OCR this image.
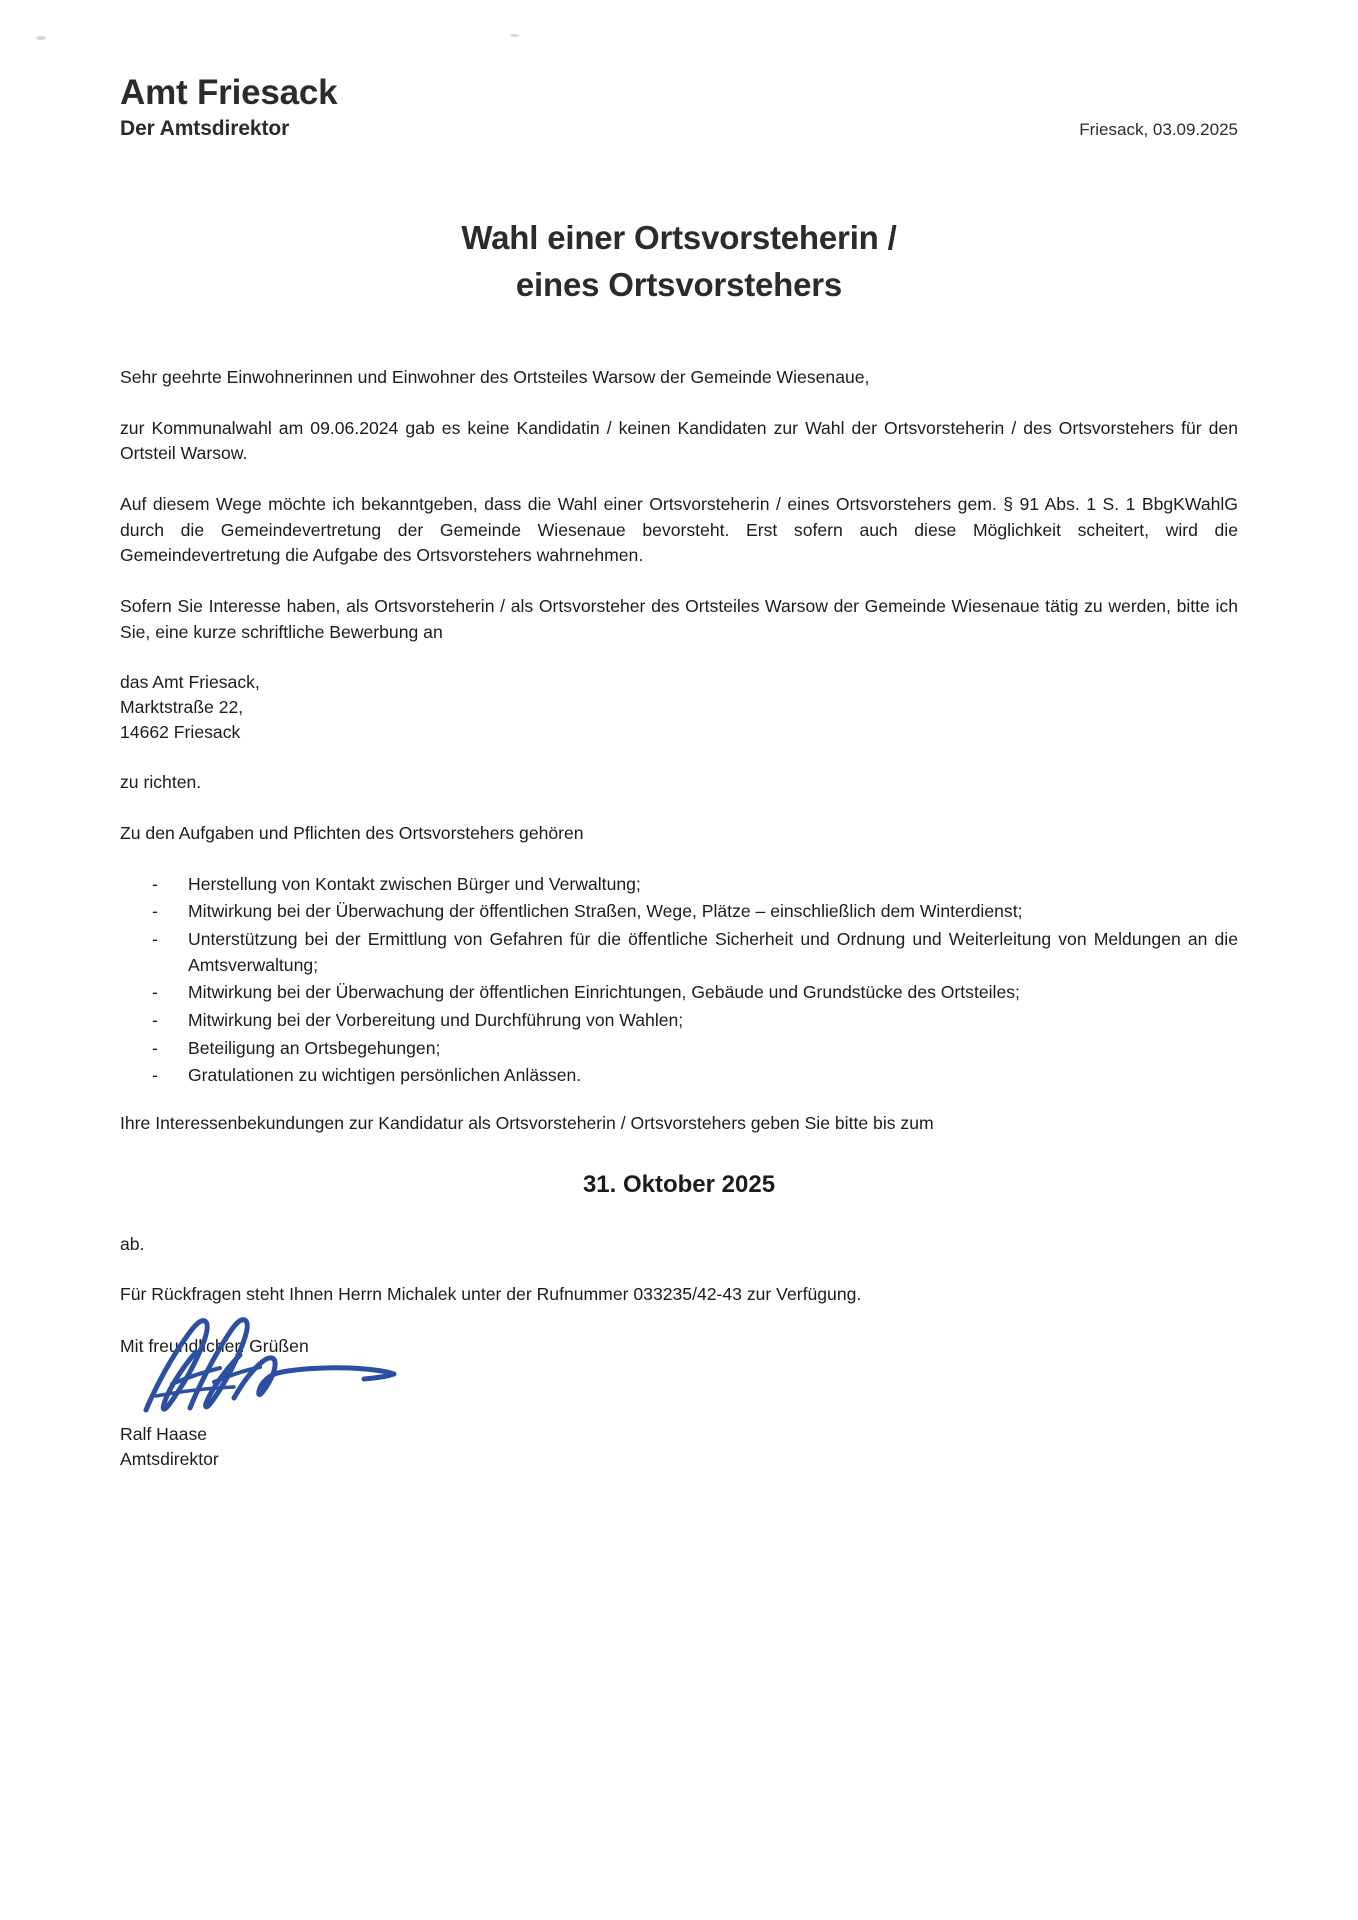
Amt Friesack
Der Amtsdirektor	Friesack, 03.09.2025
Wahl einer Ortsvorsteherin /
eines Ortsvorstehers

Sehr geehrte Einwohnerinnen und Einwohner des Ortsteiles Warsow der Gemeinde Wiesenaue,

zur Kommunalwahl am 09.06.2024 gab es keine Kandidatin / keinen Kandidaten zur Wahl der Ortsvorsteherin / des Ortsvorstehers für den Ortsteil Warsow.

Auf diesem Wege möchte ich bekanntgeben, dass die Wahl einer Ortsvorsteherin / eines Ortsvorstehers gem. § 91 Abs. 1 S. 1 BbgKWahlG durch die Gemeindevertretung der Gemeinde Wiesenaue bevorsteht. Erst sofern auch diese Möglichkeit scheitert, wird die Gemeindevertretung die Aufgabe des Ortsvorstehers wahrnehmen.

Sofern Sie Interesse haben, als Ortsvorsteherin / als Ortsvorsteher des Ortsteiles Warsow der Gemeinde Wiesenaue tätig zu werden, bitte ich Sie, eine kurze schriftliche Bewerbung an

das Amt Friesack,
Marktstraße 22,
14662 Friesack

zu richten.

Zu den Aufgaben und Pflichten des Ortsvorstehers gehören

- Herstellung von Kontakt zwischen Bürger und Verwaltung;
- Mitwirkung bei der Überwachung der öffentlichen Straßen, Wege, Plätze – einschließlich dem Winterdienst;
- Unterstützung bei der Ermittlung von Gefahren für die öffentliche Sicherheit und Ordnung und Weiterleitung von Meldungen an die Amtsverwaltung;
- Mitwirkung bei der Überwachung der öffentlichen Einrichtungen, Gebäude und Grundstücke des Ortsteiles;
- Mitwirkung bei der Vorbereitung und Durchführung von Wahlen;
- Beteiligung an Ortsbegehungen;
- Gratulationen zu wichtigen persönlichen Anlässen.

Ihre Interessenbekundungen zur Kandidatur als Ortsvorsteherin / Ortsvorstehers geben Sie bitte bis zum

31. Oktober 2025

ab.

Für Rückfragen steht Ihnen Herrn Michalek unter der Rufnummer 033235/42-43 zur Verfügung.

Mit freundlichen Grüßen

Ralf Haase
Amtsdirektor
